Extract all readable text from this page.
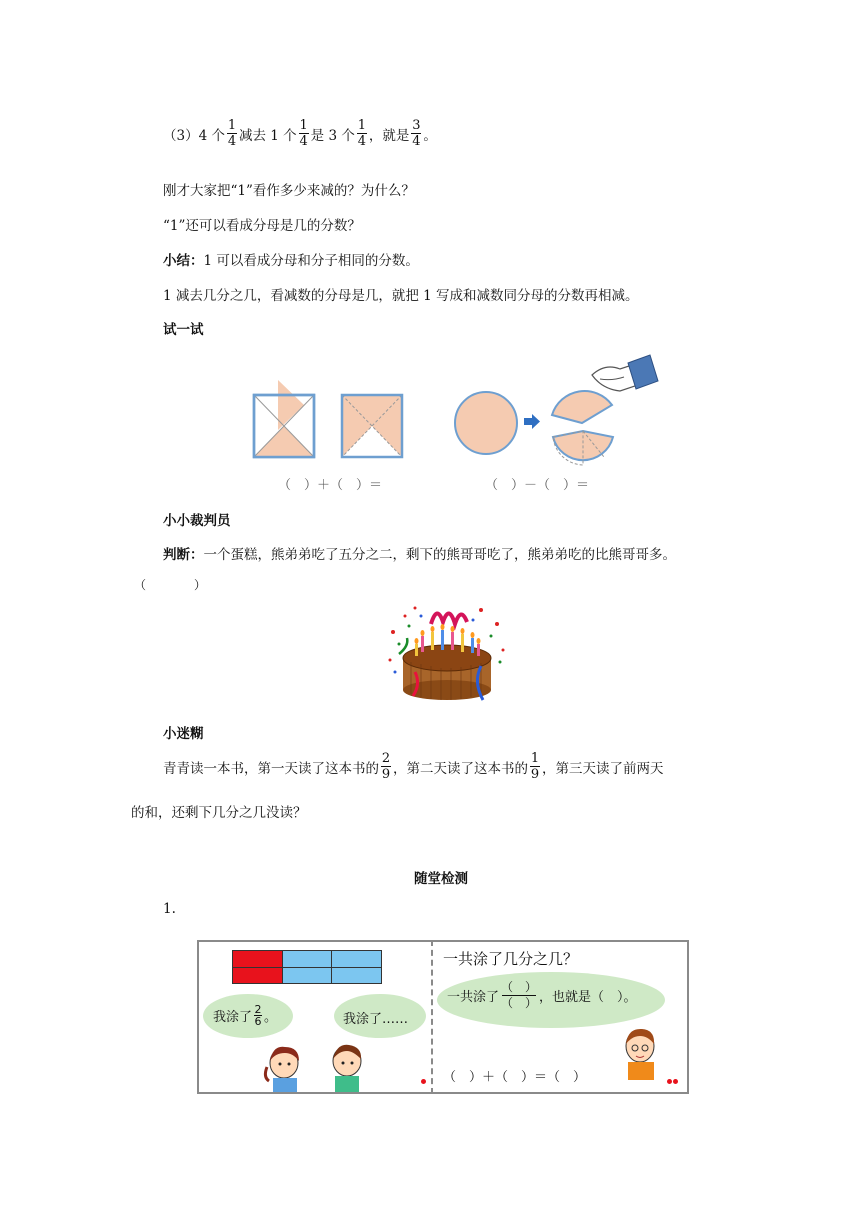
（3）4 个 $\frac{1}{4}$ 减去 1 个 $\frac{1}{4}$ 是 3 个 $\frac{1}{4}$ ，就是 $\frac{3}{4}$ 。
刚才大家把“1”看作多少来减的？为什么？
“1”还可以看成分母是几的分数？
小结：1 可以看成分母和分子相同的分数。
1 减去几分之几，看减数的分母是几，就把 1 写成和减数同分母的分数再相减。
试一试
（　）＋（　）＝	（　）－（　）＝
小小裁判员
判断：一个蛋糕，熊弟弟吃了五分之二，剩下的熊哥哥吃了，熊弟弟吃的比熊哥哥多。
（　　　　）
小迷糊
青青读一本书，第一天读了这本书的 $\frac{2}{9}$ ，第二天读了这本书的 $\frac{1}{9}$ ，第三天读了前两天
的和，还剩下几分之几没读？
随堂检测
1.
我涂了 $\frac{2}{6}$ 。	我涂了……
一共涂了几分之几？
一共涂了 $\frac{( )}{( )}$ ，也就是（　）。
（　）＋（　）＝（　）
